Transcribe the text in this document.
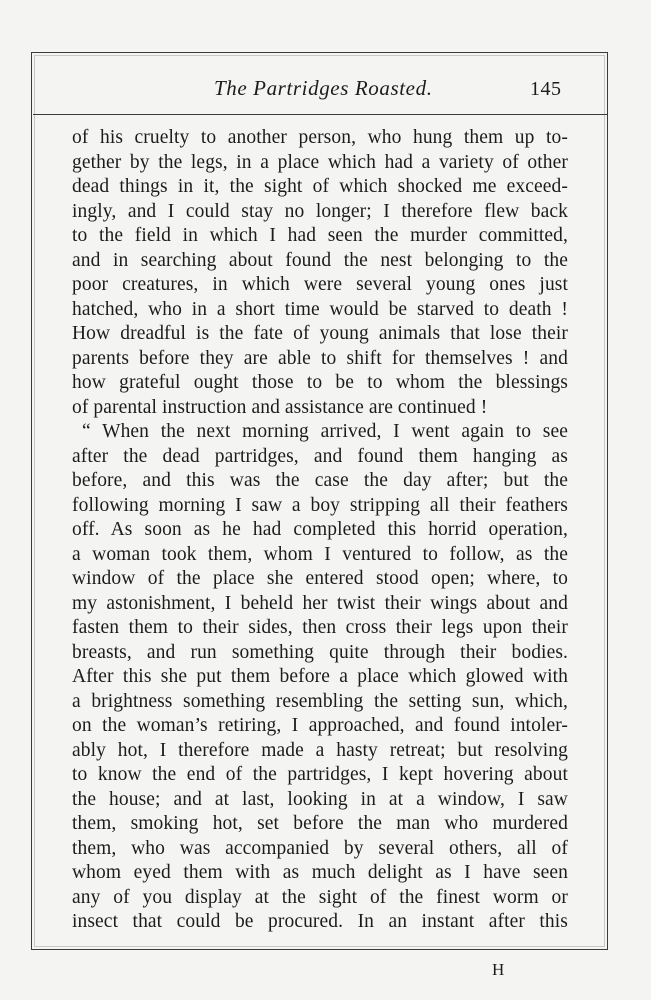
The Partridges Roasted.	145
of his cruelty to another person, who hung them up to-
gether by the legs, in a place which had a variety of other
dead things in it, the sight of which shocked me exceed-
ingly, and I could stay no longer; I therefore flew back
to the field in which I had seen the murder committed,
and in searching about found the nest belonging to the
poor creatures, in which were several young ones just
hatched, who in a short time would be starved to death !
How dreadful is the fate of young animals that lose their
parents before they are able to shift for themselves ! and
how grateful ought those to be to whom the blessings
of parental instruction and assistance are continued !
“ When the next morning arrived, I went again to see
after the dead partridges, and found them hanging as
before, and this was the case the day after; but the
following morning I saw a boy stripping all their feathers
off. As soon as he had completed this horrid operation,
a woman took them, whom I ventured to follow, as the
window of the place she entered stood open; where, to
my astonishment, I beheld her twist their wings about and
fasten them to their sides, then cross their legs upon their
breasts, and run something quite through their bodies.
After this she put them before a place which glowed with
a brightness something resembling the setting sun, which,
on the woman’s retiring, I approached, and found intoler-
ably hot, I therefore made a hasty retreat; but resolving
to know the end of the partridges, I kept hovering about
the house; and at last, looking in at a window, I saw
them, smoking hot, set before the man who murdered
them, who was accompanied by several others, all of
whom eyed them with as much delight as I have seen
any of you display at the sight of the finest worm or
insect that could be procured. In an instant after this
H
